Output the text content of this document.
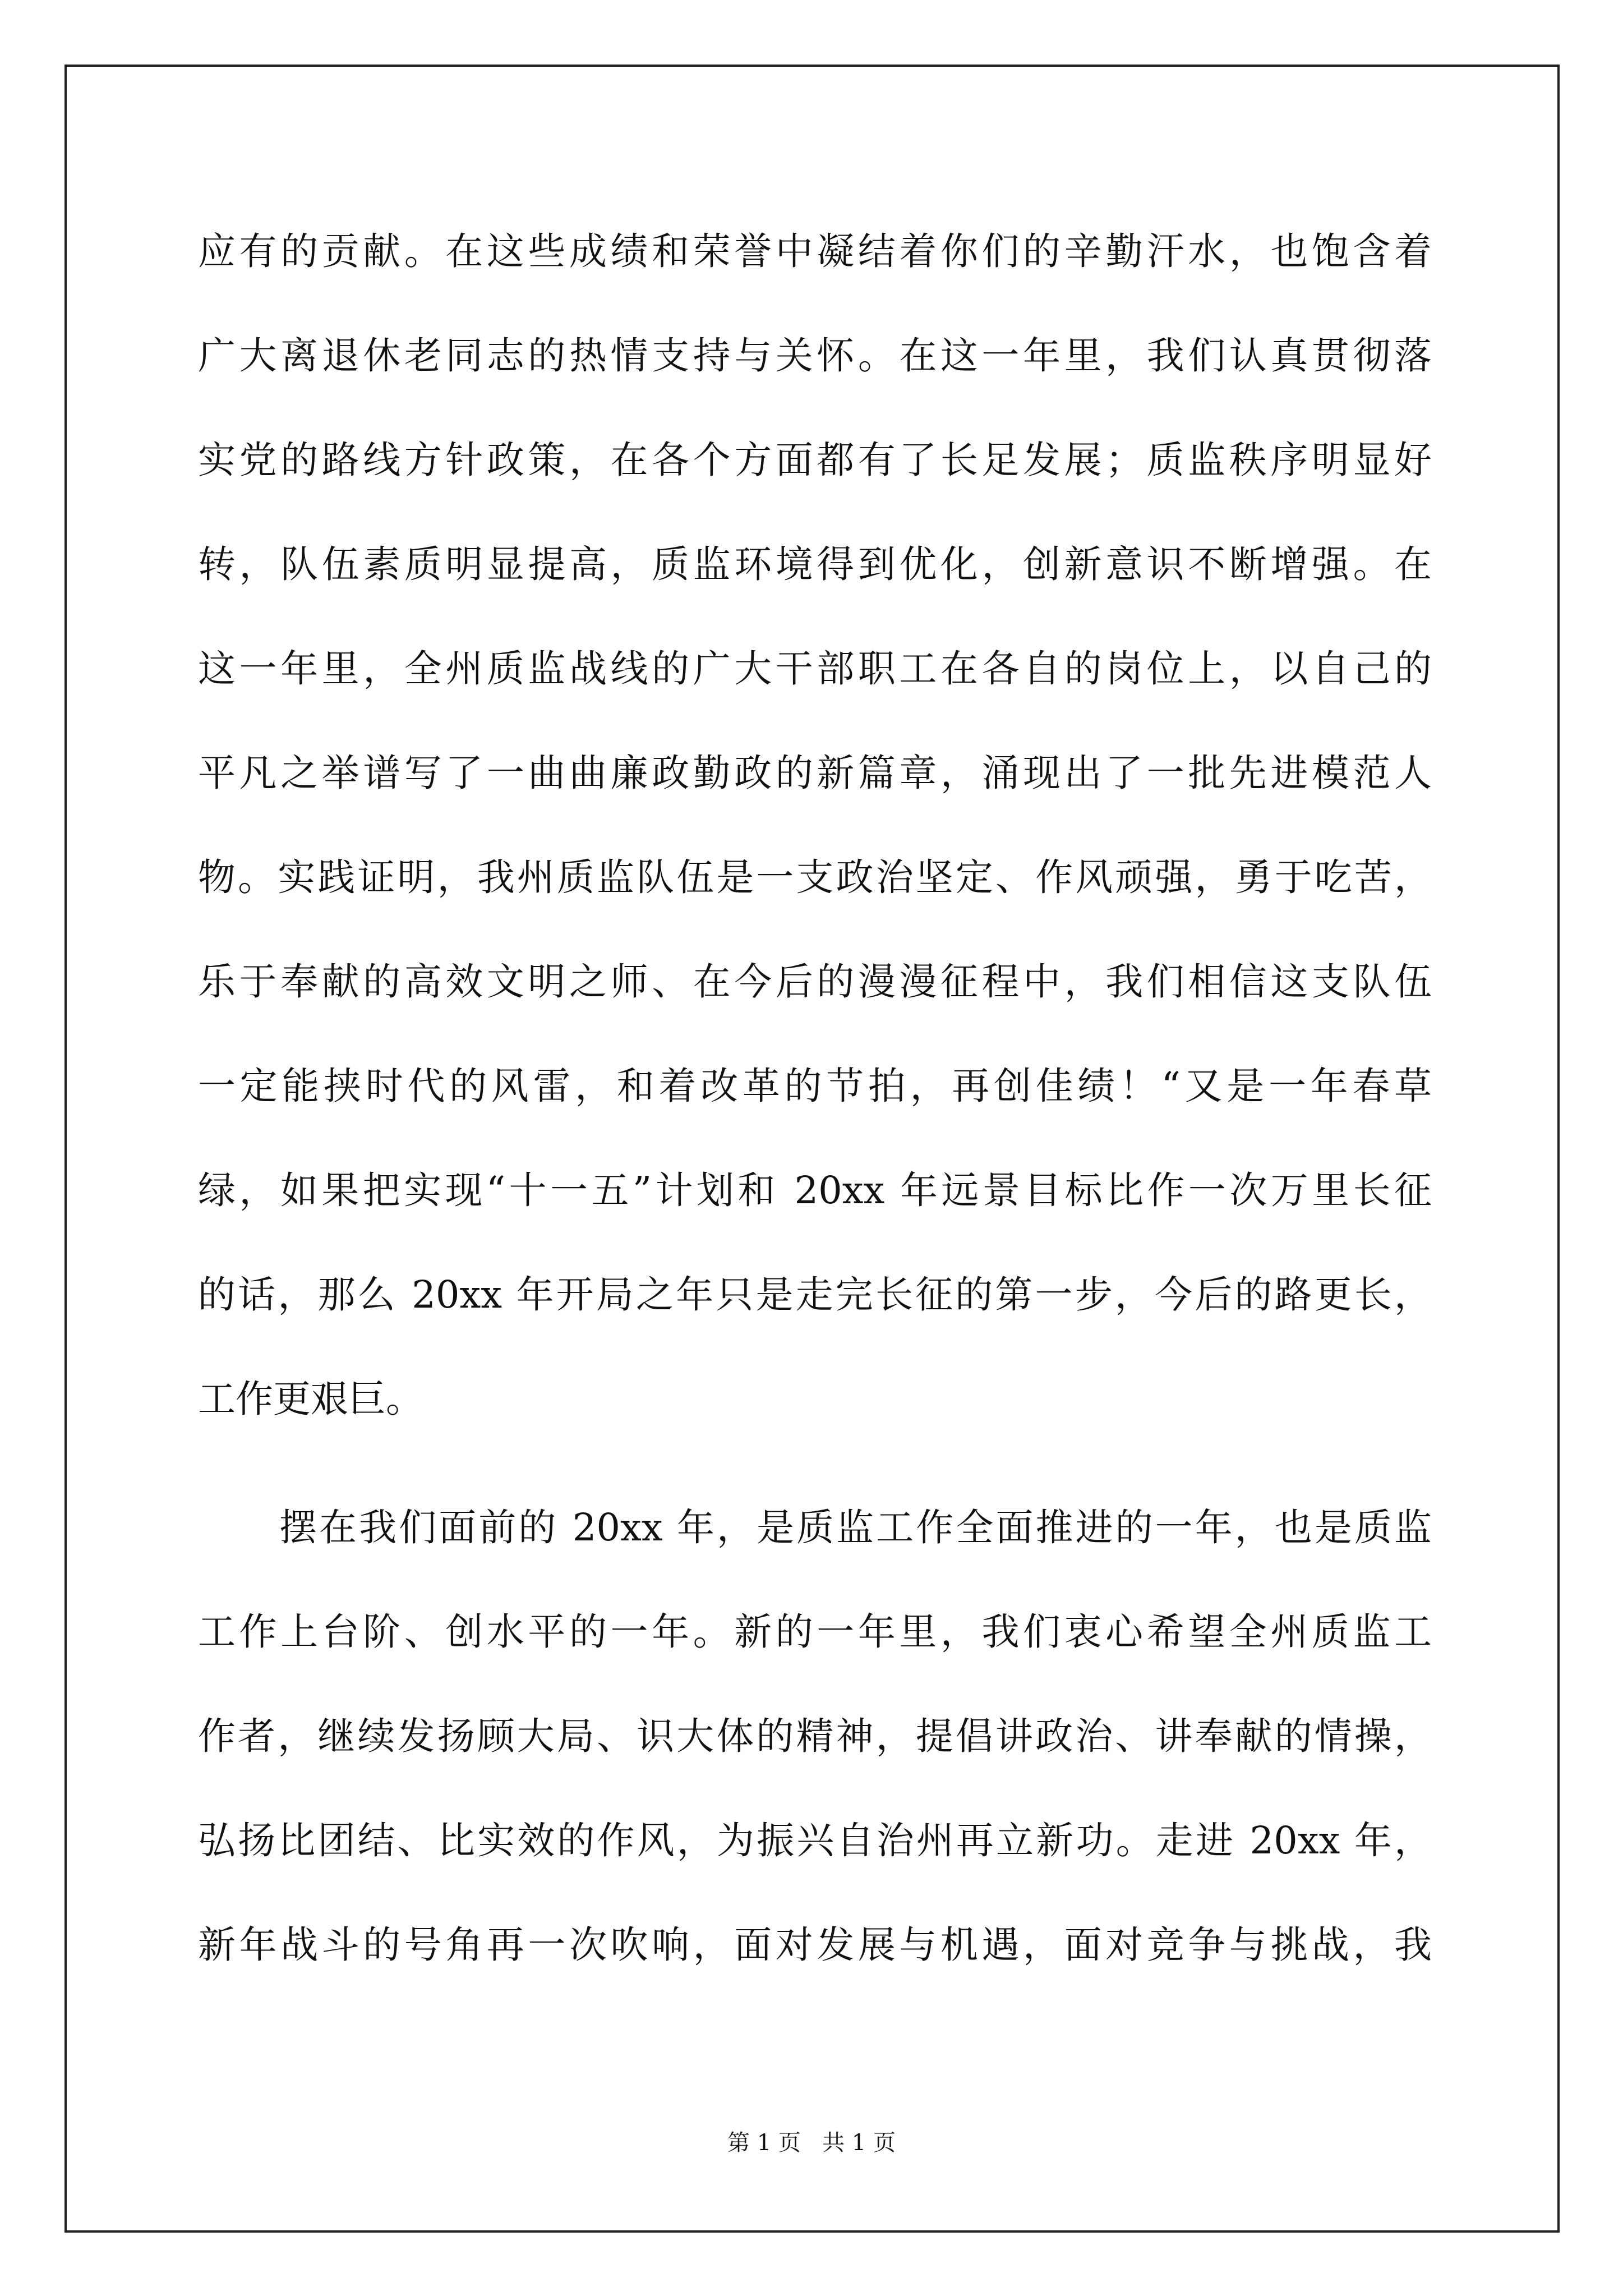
应有的贡献。在这些成绩和荣誉中凝结着你们的辛勤汗水，也饱含着
广大离退休老同志的热情支持与关怀。在这一年里，我们认真贯彻落
实党的路线方针政策，在各个方面都有了长足发展；质监秩序明显好
转，队伍素质明显提高，质监环境得到优化，创新意识不断增强。在
这一年里，全州质监战线的广大干部职工在各自的岗位上，以自己的
平凡之举谱写了一曲曲廉政勤政的新篇章，涌现出了一批先进模范人
物。实践证明，我州质监队伍是一支政治坚定、作风顽强，勇于吃苦，
乐于奉献的高效文明之师、在今后的漫漫征程中，我们相信这支队伍
一定能挟时代的风雷，和着改革的节拍，再创佳绩！“又是一年春草
绿，如果把实现“十一五”计划和 20xx 年远景目标比作一次万里长征
的话，那么 20xx 年开局之年只是走完长征的第一步，今后的路更长，
工作更艰巨。
摆在我们面前的 20xx 年，是质监工作全面推进的一年，也是质监
工作上台阶、创水平的一年。新的一年里，我们衷心希望全州质监工
作者，继续发扬顾大局、识大体的精神，提倡讲政治、讲奉献的情操，
弘扬比团结、比实效的作风，为振兴自治州再立新功。走进 20xx 年，
新年战斗的号角再一次吹响，面对发展与机遇，面对竞争与挑战，我
第 1 页   共 1 页
